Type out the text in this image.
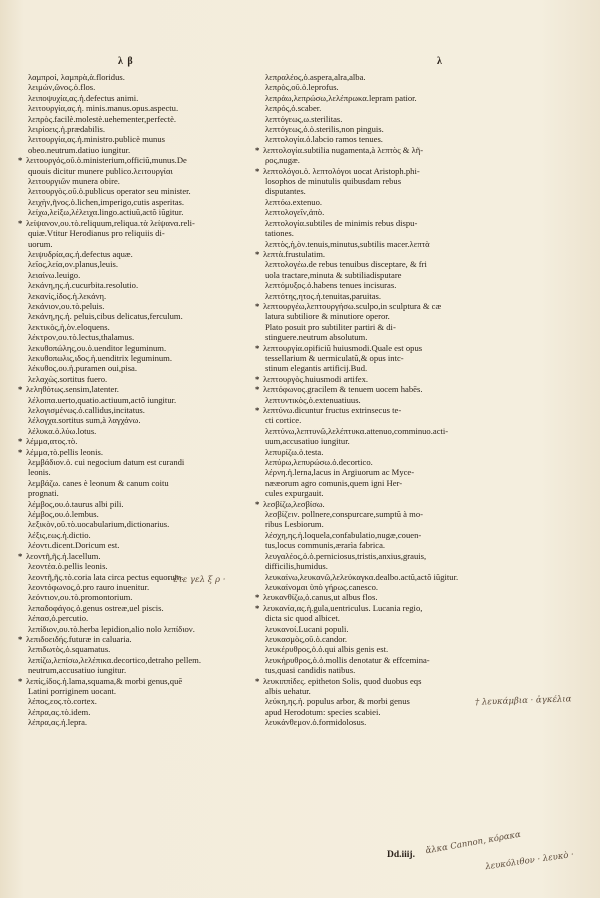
λ β	λ

λαμπροί, λαμπρὰ,ὰ.floridus.

λειμών,ῶνος.ὁ.flos.

λειποψυχία,ας.ἡ.defectus animi.

λειτουργία,ας.ἡ. minis.manus.opus.aspectu.

λεπρὸς.facilè.molestè.uehementer,perfectè.

λειρίοεις.ἡ.prædabilis.

λειτουργία,ας.ἡ.ministro.publicè munus

obeo.neutrum.datiuo iungitur.

* λειτουργός,οῦ.ὁ.ministerium,officiũ,munus.De

quouis dicitur munere publico.λειτουργίαι

λειτουργιῶν munera obire.

λειτουργὸς.οῦ.ὁ.publicus operator seu minister.

λειχὴν,ῆνος.ὁ.lichen,imperigo,cutis asperitas.

λείχω,λείξω,λέλειχα.lingo.actiuũ,actõ iũgitur.

* λείψανον,ου.τὸ.reliquum,reliqua.τὰ λείψανα.reli-

quiæ.Vtitur Herodianus pro reliquiis di-

uorum.

λειψυδρία,ας.ἡ.defectus aquæ.

λεῖος,λεία,ον.planus,leuis.

λειαίνω.leuigo.

λεκάνη,ης.ἡ.cucurbita.resolutio.

λεκανίς,ίδος.ἡ.λεκάνη.

λεκάνιον,ου.τὸ.peluis.

λεκάνη,ης.ἡ. peluis,cibus delicatus,ferculum.

λεκτικὸς,ὴ,ὸν.eloquens.

λέκτρον,ου.τὸ.lectus,thalamus.

λεκυθοπώλης,ου.ὁ.uenditor leguminum.

λεκυθοπωλις,ιδος.ἡ.uenditrix leguminum.

λέκυθος,ου.ἡ.puramen oui,pisa.

λελαχὼς.sortitus fuero.

* λεληθότως.sensim,latenter.

λέλοιπα.uerto,quatio.actiuum,actõ iungitur.

λελογισμένως.ὁ.callidus,incitatus.

λέλογχα.sortitus sum,à λαγχάνω.

λέλυκα.ὁ.λύω.lotus.

* λέμμα,ατος.τὸ.

* λέμμα,τὸ.pellis leonis.

λεμβάδιον.ὁ. cui negocium datum est curandi

leonis.

λεμβάζω. canes è leonum & canum coitu

prognati.

λέμβος,ου.ὁ.taurus albi pili.

λέμβος,ου.ὁ.lembus.

λεξικὸν,οῦ.τὸ.uocabularium,dictionarius.

λέξις,εως.ἡ.dictio.

λέοντι.dicent.Doricum est.

* λεοντῆ,ῆς.ἡ.lacellum.

λεοντέα.ὁ.pellis leonis.

λεοντῆ,ῆς.τὸ.coria lata circa pectus equorum.

λεοντόφωνος,ὁ.pro rauro inuenitur.

λεόντιον,ου.τὸ.promontorium.

λεπαδοφάγος.ὁ.genus ostreæ,uel piscis.

λέπασ,ὁ.percutio.

λεπίδιον,ου.τὸ.herba lepidion,alio nolo λεπίδιον.

* λεπιδοειδής.futuræ in caluaria.

λεπιδωτὸς,ὁ.squamatus.

λεπίζω,λεπίσω,λελέπικα.decortico,detraho pellem.

neutrum,accusatiuo iungitur.

* λεπίς,ίδος.ἡ.lama,squama,& morbi genus,quē

Latini porriginem uocant.

λέπος,εος.τὸ.cortex.

λέπρα,ας.τὸ.idem.

λέπρα,ας.ἡ.lepra.

λεπραλέος,ὁ.aspera,alra,alba.

λεπρὸς,οῦ.ὁ.leprofus.

λεπράω,λεπρώσω,λελέπρωκα.lepram patior.

λεπρός,ὁ.scaber.

λεπτόγεως,ω.sterilitas.

λεπτόγεως,ὁ.ὁ.sterilis,non pinguis.

λεπτολογία.ὁ.labcio ramos tenues.

* λεπτολογία.subtilia nugamenta,à λεπτὸς & λῆ-

ρος,nugæ.

* λεπτολόγοι.ὁ. λεπτολόγοι uocat Aristoph.phi-

losophos de minutulis quibusdam rebus

disputantes.

λεπτόω.extenuo.

λεπτολογεῖν,ἀπὸ.

λεπτολογία.subtiles de minimis rebus dispu-

tationes.

λεπτὸς,ὴ,ὸν.tenuis,minutus,subtilis macer.λεπτὰ

* λεπτὰ.frustulatim.

λεπτολογέω.de rebus tenuibus disceptare, & fri

uola tractare,minuta & subtiliadisputare

λεπτόμυξος.ὁ.habens tenues incisuras.

λεπτότης,ητος.ἡ.tenuitas,paruitas.

* λεπτουργέω,λεπτουργήσω.sculpo,in sculptura & cæ

latura subtiliore & minutiore operor.

Plato posuit pro subtiliter partiri & di-

stinguere.neutrum absolutum.

* λεπτουργία.opificiũ huiusmodi.Quale est opus

tessellarium & uermiculatũ,& opus intc-

stinum elegantis artificij.Bud.

* λεπτουργὸς.huiusmodi artifex.

* λεπτόφωνος.gracilem & tenuem uocem habēs.

λεπτυντικὸς,ὁ.extenuatiuus.

* λεπτύνω.dicuntur fructus extrinsecus te-

cti cortice.

λεπτύνω,λεπτυνῶ,λελέπτυκα.attenuo,comminuo.acti-

uum,accusatiuo iungitur.

λεπυρίζω.ὁ.testa.

λεπύρω,λεπυρώσω.ὁ.decortico.

λέρνη.ἡ.lerna,lacus in Argiuorum ac Myce-

nææorum agro comunis,quem igni Her-

cules expurgauit.

* λεσβίζω,λεσβίσω.

λεσβίζειν. pollnere,conspurcare,sumptũ à mo-

ribus Lesbiorum.

λέσχη,ης.ἡ.loquela,confabulatio,nugæ,couen-

tus,locus communis,ærarìa fabrica.

λευγαλέος,ὁ.ὁ.perniciosus,tristis,anxius,grauis,

difficilis,humidus.

λευκαίνω,λευκανῶ,λελεύκαγκα.dealbo.actũ,actõ iũgitur.

λευκαίνομαι ὑπὸ γήρως.canesco.

* λευκανθίζω,ὁ.canus,ut albus flos.

* λευκανία,ας.ἡ.gula,uentriculus. Lucania regio,

dicta sic quod albicet.

λευκανοί.Lucani populi.

λευκασμὸς,οῦ.ὁ.candor.

λευκέρυθρος,ὁ.ὁ.qui albis genis est.

λευκήρυθρος,ὁ.ὁ.mollis denotatur & effcemina-

tus,quasi candidis natibus.

* λευκιππίδες. epitheton Solis, quod duobus eqs

albis uehatur.

λεύκη,ης.ἡ. populus arbor, & morbi genus

apud Herodotum: species scabiei.

λευκάνθεμον.ὁ.formidolosus.

Dd.iiij.
† λευκάμβια · ἀγκέλια
ἄλκα Cannon, κόρακα
λευκόλιθον · λευκὸ ·
· ἔτε γελ ξ ρ ·
